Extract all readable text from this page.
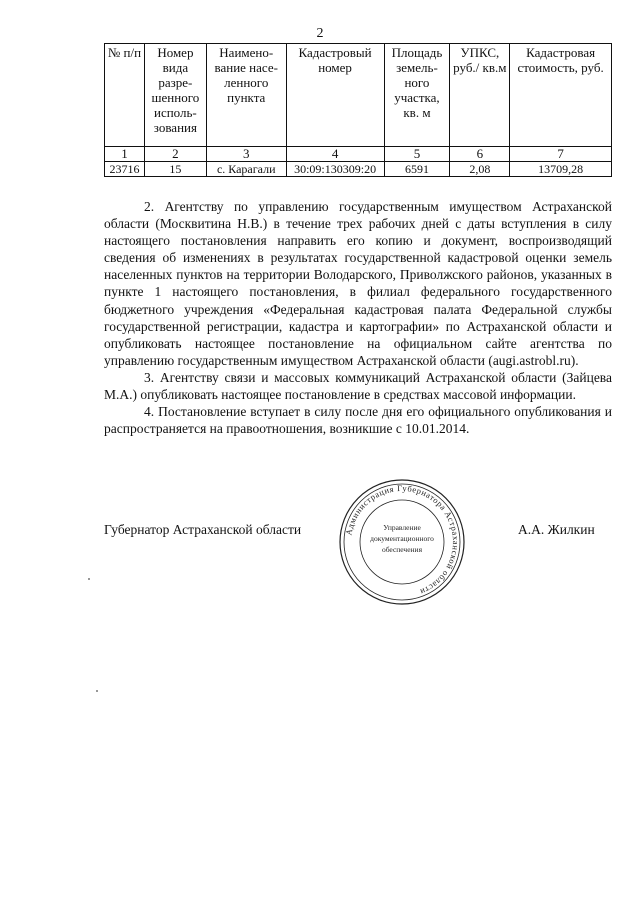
2
№ п/п	Номер вида разре-шенного исполь-зования	Наимено-вание насе-ленного пункта	Кадастровый номер	Площадь земель-ного участка, кв. м	УПКС, руб./ кв.м	Кадастровая стоимость, руб.
1	2	3	4	5	6	7
23716	15	с. Карагали	30:09:130309:20	6591	2,08	13709,28

2. Агентству по управлению государственным имуществом Астраханской области (Москвитина Н.В.) в течение трех рабочих дней с даты вступления в силу настоящего постановления направить его копию и документ, воспроизводящий сведения об изменениях в результатах государственной кадастровой оценки земель населенных пунктов на территории Володарского, Приволжского районов, указанных в пункте 1 настоящего постановления, в филиал федерального государственного бюджетного учреждения «Федеральная кадастровая палата Федеральной службы государственной регистрации, кадастра и картографии» по Астраханской области и опубликовать настоящее постановление на официальном сайте агентства по управлению государственным имуществом Астраханской области (augi.astrobl.ru).

3. Агентству связи и массовых коммуникаций Астраханской области (Зайцева М.А.) опубликовать настоящее постановление в средствах массовой информации.

4. Постановление вступает в силу после дня его официального опубликования и распространяется на правоотношения, возникшие с 10.01.2014.

Губернатор Астраханской области	Администрация Губернатора Астраханской области
Управление
документационного
обеспечения
А.А. Жилкин
